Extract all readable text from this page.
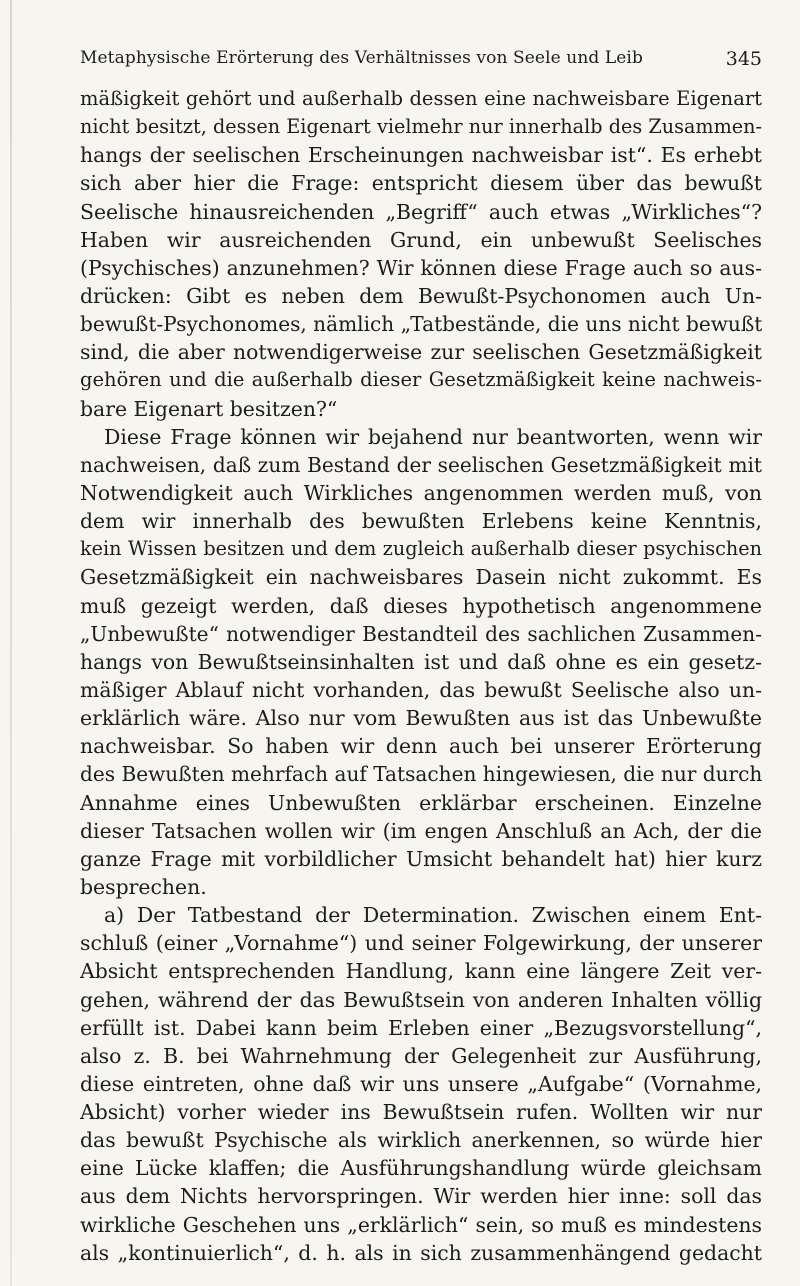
Metaphysische Erörterung des Verhältnisses von Seele und Leib	345
mäßigkeit gehört und außerhalb dessen eine nachweisbare Eigenart
nicht besitzt, dessen Eigenart vielmehr nur innerhalb des Zusammen-
hangs der seelischen Erscheinungen nachweisbar ist“. Es erhebt
sich aber hier die Frage: entspricht diesem über das bewußt
Seelische hinausreichenden „Begriff“ auch etwas „Wirkliches“?
Haben wir ausreichenden Grund, ein unbewußt Seelisches
(Psychisches) anzunehmen? Wir können diese Frage auch so aus-
drücken: Gibt es neben dem Bewußt-Psychonomen auch Un-
bewußt-Psychonomes, nämlich „Tatbestände, die uns nicht bewußt
sind, die aber notwendigerweise zur seelischen Gesetzmäßigkeit
gehören und die außerhalb dieser Gesetzmäßigkeit keine nachweis-
bare Eigenart besitzen?“
Diese Frage können wir bejahend nur beantworten, wenn wir
nachweisen, daß zum Bestand der seelischen Gesetzmäßigkeit mit
Notwendigkeit auch Wirkliches angenommen werden muß, von
dem wir innerhalb des bewußten Erlebens keine Kenntnis,
kein Wissen besitzen und dem zugleich außerhalb dieser psychischen
Gesetzmäßigkeit ein nachweisbares Dasein nicht zukommt. Es
muß gezeigt werden, daß dieses hypothetisch angenommene
„Unbewußte“ notwendiger Bestandteil des sachlichen Zusammen-
hangs von Bewußtseinsinhalten ist und daß ohne es ein gesetz-
mäßiger Ablauf nicht vorhanden, das bewußt Seelische also un-
erklärlich wäre. Also nur vom Bewußten aus ist das Unbewußte
nachweisbar. So haben wir denn auch bei unserer Erörterung
des Bewußten mehrfach auf Tatsachen hingewiesen, die nur durch
Annahme eines Unbewußten erklärbar erscheinen. Einzelne
dieser Tatsachen wollen wir (im engen Anschluß an Ach, der die
ganze Frage mit vorbildlicher Umsicht behandelt hat) hier kurz
besprechen.
a) Der Tatbestand der Determination. Zwischen einem Ent-
schluß (einer „Vornahme“) und seiner Folgewirkung, der unserer
Absicht entsprechenden Handlung, kann eine längere Zeit ver-
gehen, während der das Bewußtsein von anderen Inhalten völlig
erfüllt ist. Dabei kann beim Erleben einer „Bezugsvorstellung“,
also z. B. bei Wahrnehmung der Gelegenheit zur Ausführung,
diese eintreten, ohne daß wir uns unsere „Aufgabe“ (Vornahme,
Absicht) vorher wieder ins Bewußtsein rufen. Wollten wir nur
das bewußt Psychische als wirklich anerkennen, so würde hier
eine Lücke klaffen; die Ausführungshandlung würde gleichsam
aus dem Nichts hervorspringen. Wir werden hier inne: soll das
wirkliche Geschehen uns „erklärlich“ sein, so muß es mindestens
als „kontinuierlich“, d. h. als in sich zusammenhängend gedacht
